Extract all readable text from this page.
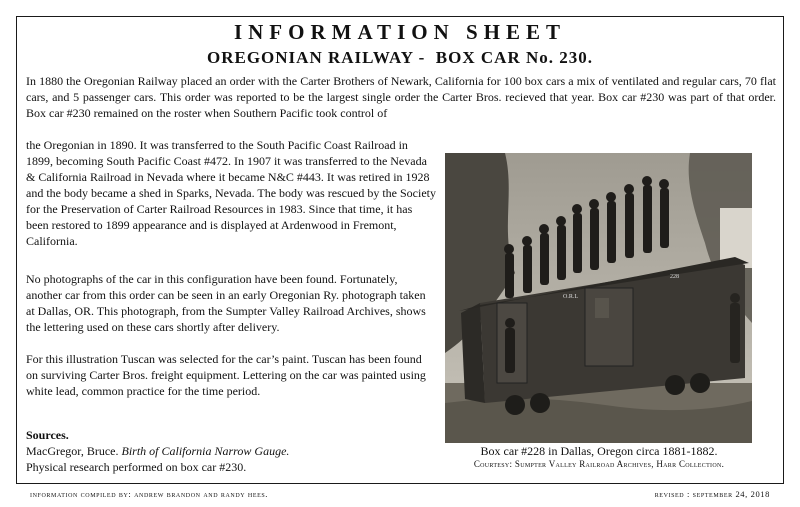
INFORMATION SHEET
OREGONIAN RAILWAY -  BOX CAR No. 230.

In 1880 the Oregonian Railway placed an order with the Carter Brothers of Newark, California for 100 box cars a mix of ventilated and regular cars, 70 flat cars, and 5 passenger cars. This order was reported to be the largest single order the Carter Bros. recieved that year. Box car #230 was part of that order. Box car #230 remained on the roster when Southern Pacific took control of

the Oregonian in 1890. It was transferred to the South Pacific Coast Railroad in 1899, becoming South Pacific Coast #472. In 1907 it was transferred to the Nevada & California Railroad in Nevada where it became N&C #443. It was retired in 1928 and the body became a shed in Sparks, Nevada. The body was rescued by the Society for the Preservation of Carter Railroad Resources in 1983. Since that time, it has been restored to 1899 appearance and is displayed at Ardenwood in Fremont, California.

No photographs of the car in this configuration have been found. Fortunately, another car from this order can be seen in an early Oregonian Ry. photograph taken at Dallas, OR. This photograph, from the Sumpter Valley Railroad Archives, shows the lettering used on these cars shortly after delivery.

For this illustration Tuscan was selected for the car’s paint. Tuscan has been found on surviving Carter Bros. freight equipment. Lettering on the car was painted using white lead, common practice for the time period.

Sources.
MacGregor, Bruce. Birth of California Narrow Gauge.
Physical research performed on box car #230.
O.R.L
228
Box car #228 in Dallas, Oregon circa 1881-1882.
Courtesy: Sumpter Valley Railroad Archives, Harr Collection.
information compiled by: andrew brandon and randy hees.	revised : september 24, 2018
